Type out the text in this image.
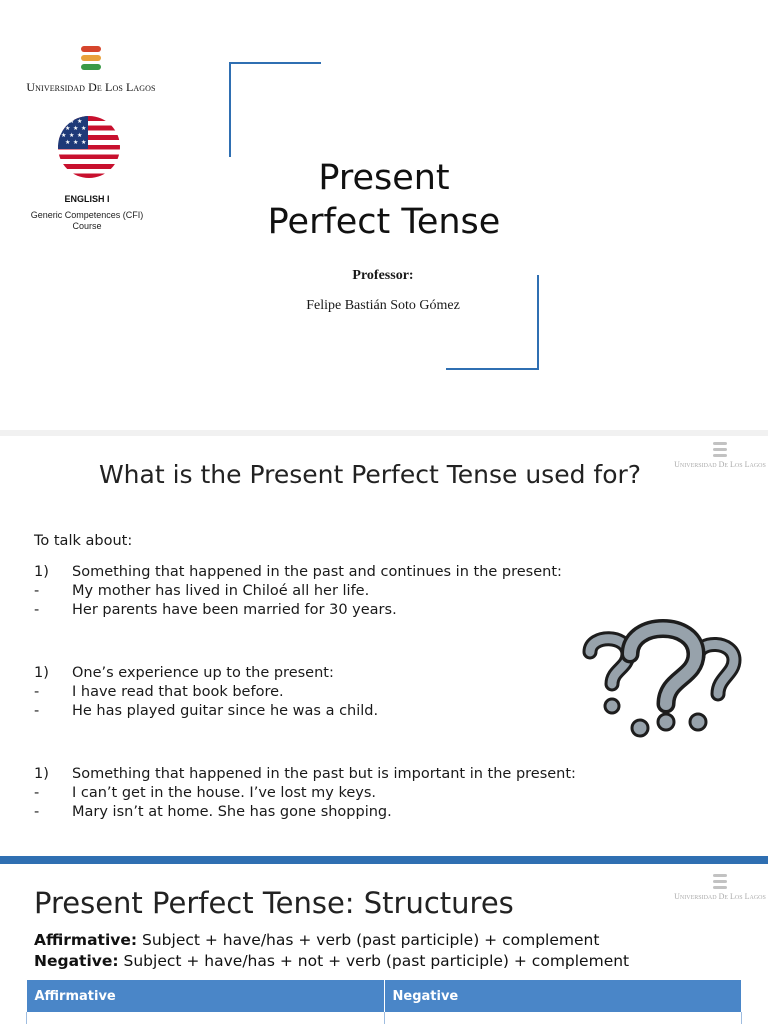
Universidad De Los Lagos
★ ★ ★
★ ★ ★
★ ★ ★
★ ★ ★
ENGLISH I
Generic Competences (CFI)
Course
Present
Perfect Tense
Professor:
Felipe Bastián Soto Gómez
Universidad De Los Lagos
What is the Present Perfect Tense used for?
To talk about:
1) Something that happened in the past and continues in the present:
- My mother has lived in Chiloé all her life.
- Her parents have been married for 30 years.
1) One’s experience up to the present:
- I have read that book before.
- He has played guitar since he was a child.
1) Something that happened in the past but is important in the present:
- I can’t get in the house. I’ve lost my keys.
- Mary isn’t at home. She has gone shopping.
Universidad De Los Lagos
Present Perfect Tense: Structures
Affirmative: Subject + have/has + verb (past participle) + complement
Negative: Subject + have/has + not + verb (past participle) + complement
Affirmative	Negative
